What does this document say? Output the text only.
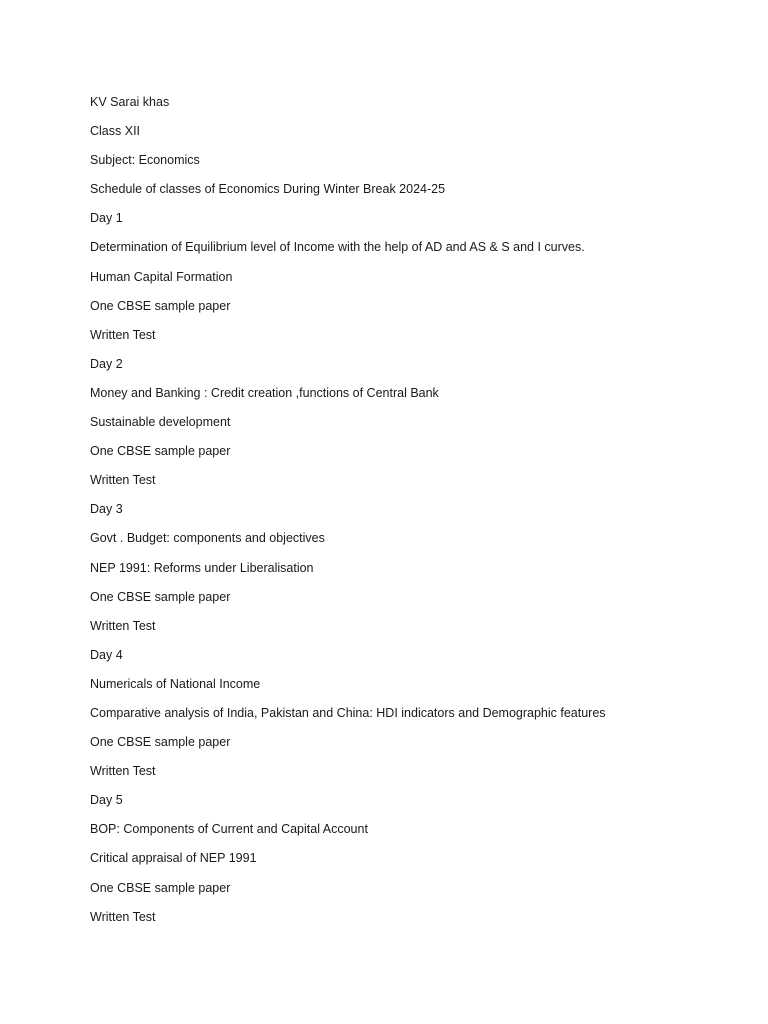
KV Sarai khas
Class XII
Subject: Economics
Schedule of classes of Economics During Winter Break 2024-25
Day 1
Determination of Equilibrium level of Income with the help of AD and AS & S and I curves.
Human Capital Formation
One CBSE sample paper
Written Test
Day 2
Money and Banking : Credit creation ,functions of Central Bank
Sustainable development
One CBSE sample paper
Written Test
Day 3
Govt . Budget: components and objectives
NEP 1991: Reforms under Liberalisation
One CBSE sample paper
Written Test
Day 4
Numericals of National Income
Comparative analysis of India, Pakistan and China: HDI indicators and Demographic features
One CBSE sample paper
Written Test
Day 5
BOP: Components of Current and Capital Account
Critical appraisal of NEP 1991
One CBSE sample paper
Written Test
